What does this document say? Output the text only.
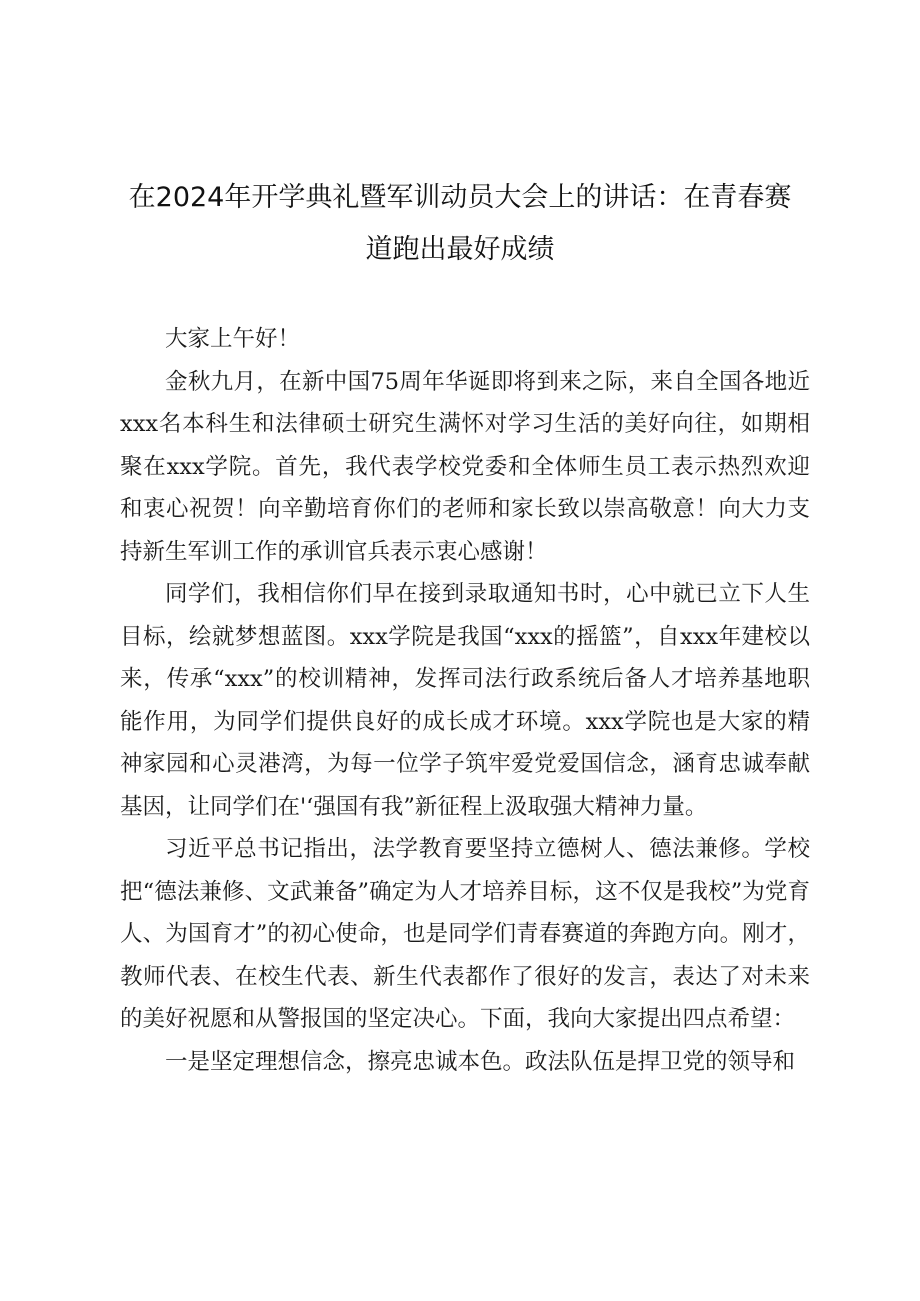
在2024年开学典礼暨军训动员大会上的讲话：在青春赛道跑出最好成绩

大家上午好！

金秋九月，在新中国75周年华诞即将到来之际，来自全国各地近xxx名本科生和法律硕士研究生满怀对学习生活的美好向往，如期相聚在xxx学院。首先，我代表学校党委和全体师生员工表示热烈欢迎和衷心祝贺！向辛勤培育你们的老师和家长致以崇高敬意！向大力支持新生军训工作的承训官兵表示衷心感谢！

同学们，我相信你们早在接到录取通知书时，心中就已立下人生目标，绘就梦想蓝图。xxx学院是我国“xxx的摇篮”，自xxx年建校以来，传承“xxx”的校训精神，发挥司法行政系统后备人才培养基地职能作用，为同学们提供良好的成长成才环境。xxx学院也是大家的精神家园和心灵港湾，为每一位学子筑牢爱党爱国信念，涵育忠诚奉献基因，让同学们在'‘强国有我”新征程上汲取强大精神力量。

习近平总书记指出，法学教育要坚持立德树人、德法兼修。学校把“德法兼修、文武兼备”确定为人才培养目标，这不仅是我校”为党育人、为国育才”的初心使命，也是同学们青春赛道的奔跑方向。刚才，教师代表、在校生代表、新生代表都作了很好的发言，表达了对未来的美好祝愿和从警报国的坚定决心。下面，我向大家提出四点希望：

一是坚定理想信念，擦亮忠诚本色。政法队伍是捍卫党的领导和
